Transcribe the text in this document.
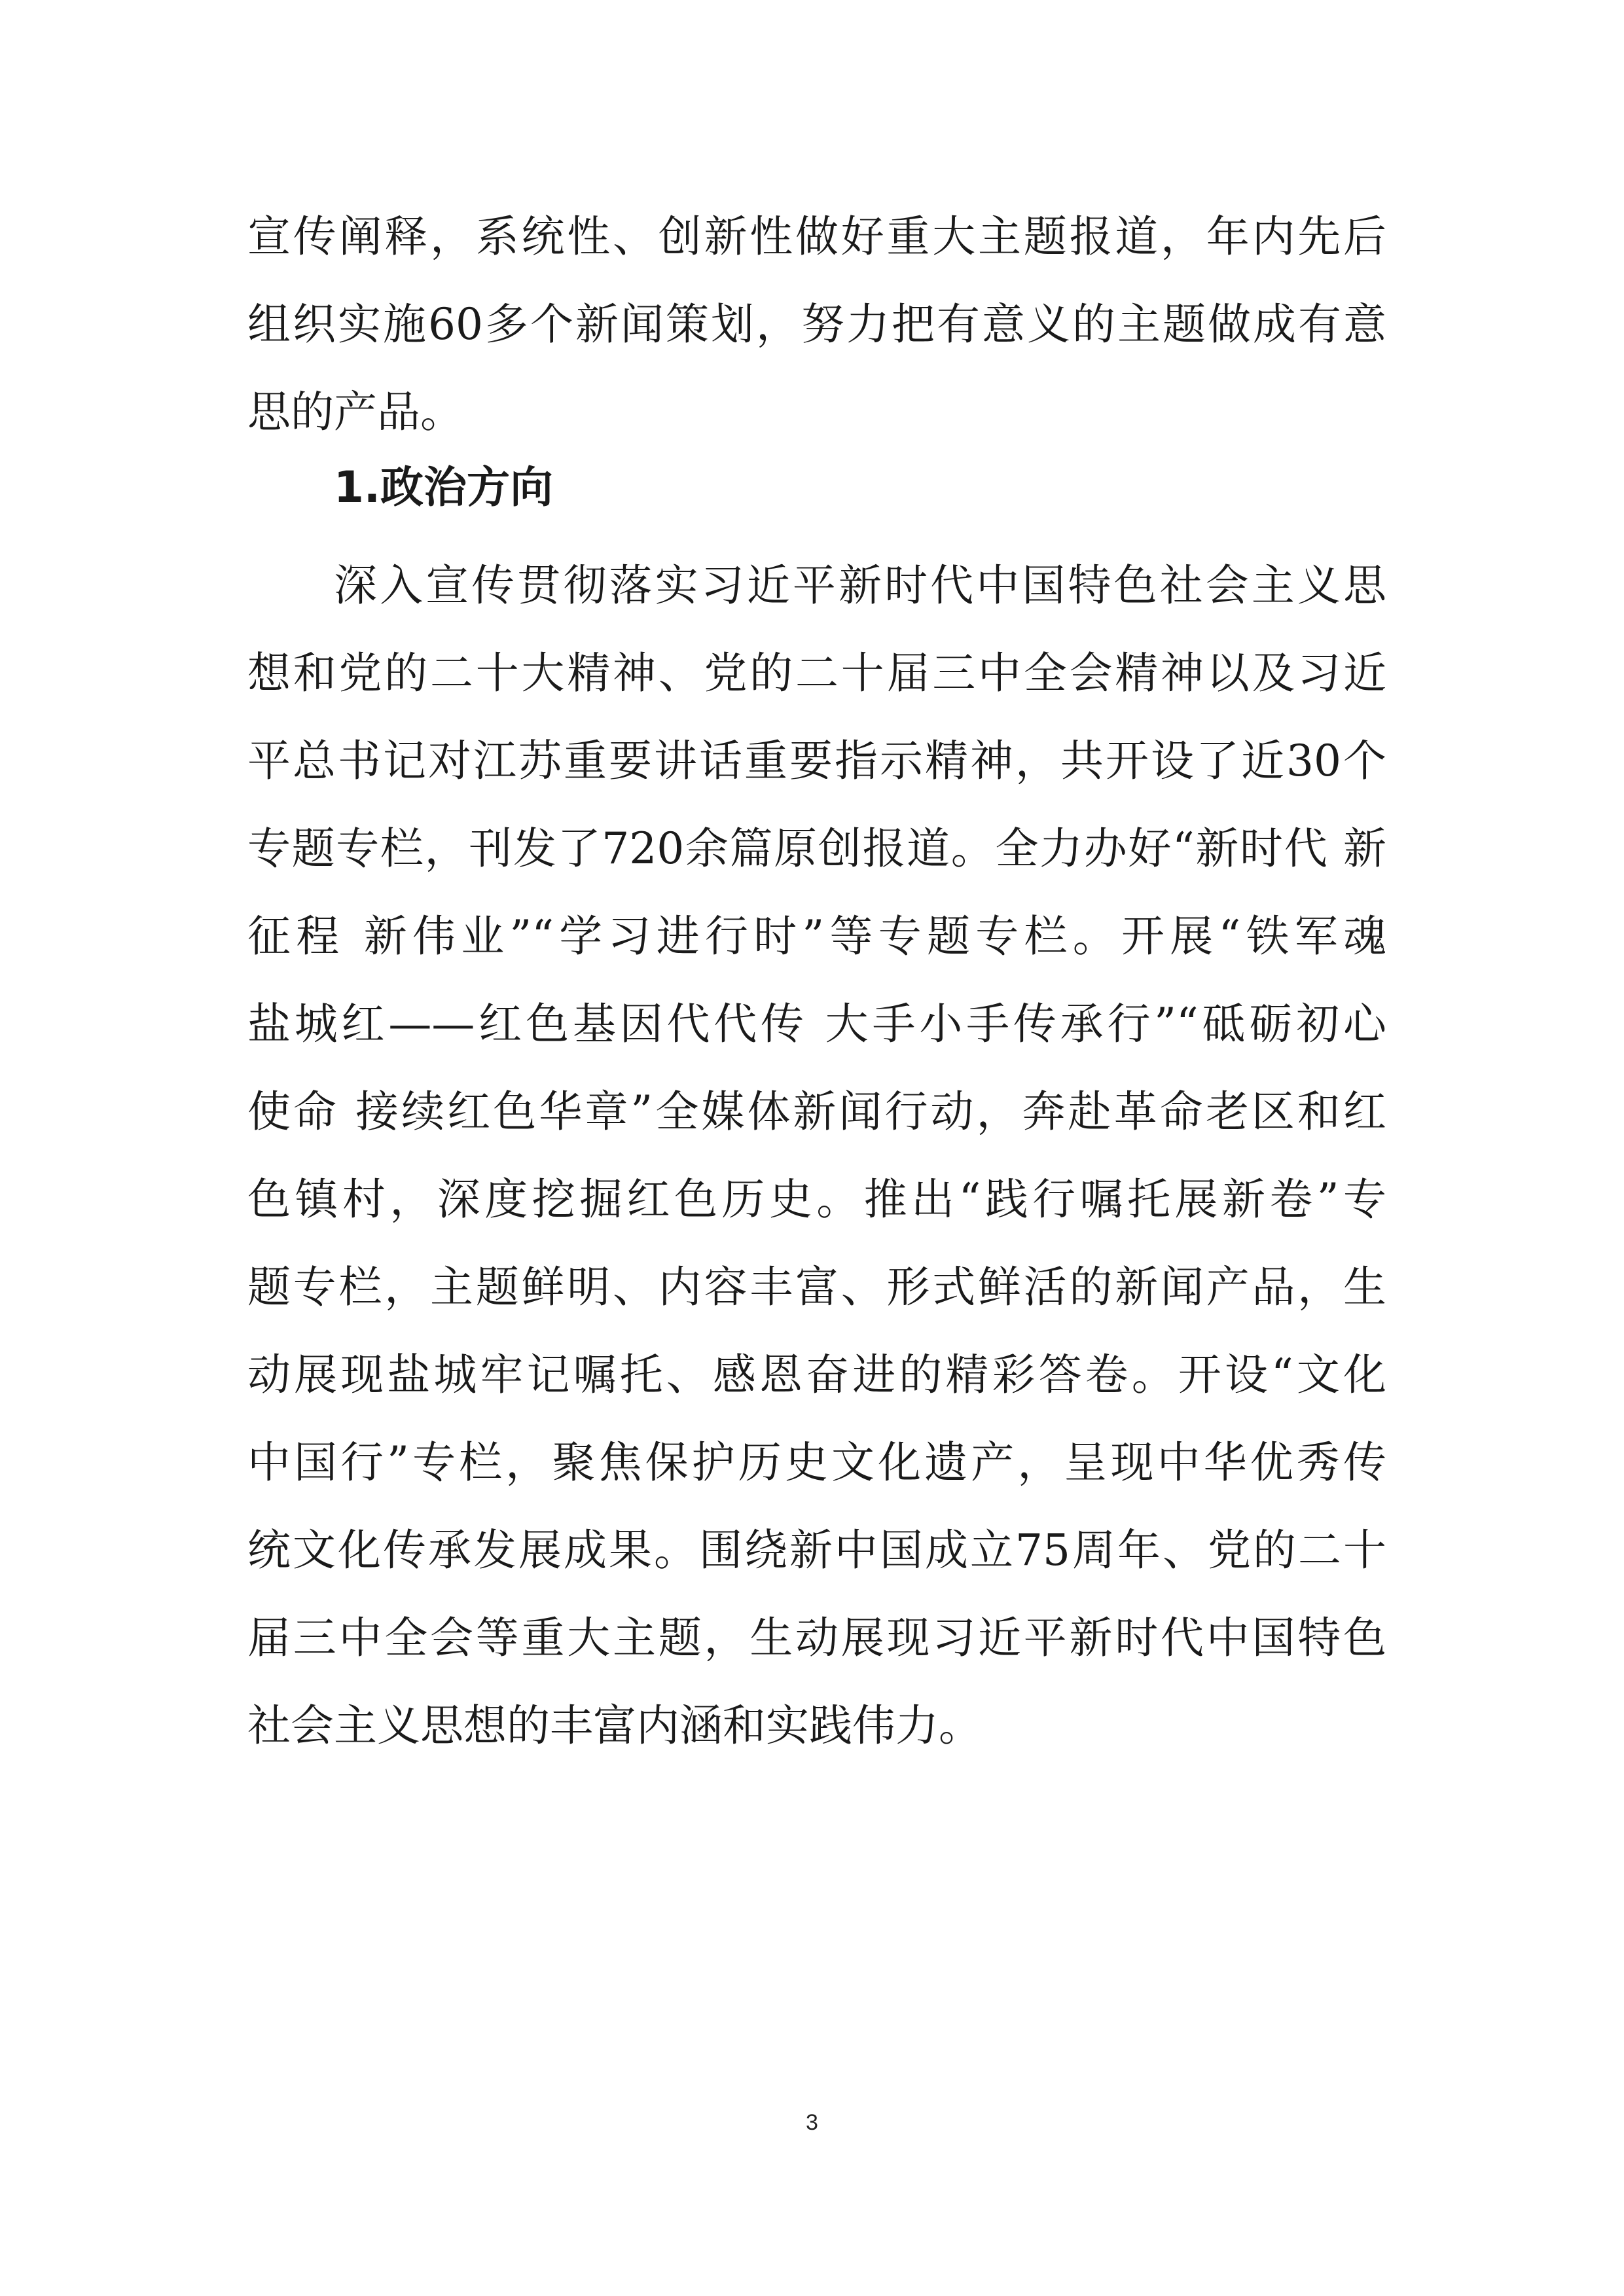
宣传阐释，系统性、创新性做好重大主题报道，年内先后
组织实施60多个新闻策划，努力把有意义的主题做成有意
思的产品。
1.政治方向
深入宣传贯彻落实习近平新时代中国特色社会主义思
想和党的二十大精神、党的二十届三中全会精神以及习近
平总书记对江苏重要讲话重要指示精神，共开设了近30个
专题专栏，刊发了720余篇原创报道。全力办好“新时代 新
征程 新伟业”“学习进行时”等专题专栏。开展“铁军魂
盐城红——红色基因代代传 大手小手传承行”“砥砺初心
使命 接续红色华章”全媒体新闻行动，奔赴革命老区和红
色镇村，深度挖掘红色历史。推出“践行嘱托展新卷”专
题专栏，主题鲜明、内容丰富、形式鲜活的新闻产品，生
动展现盐城牢记嘱托、感恩奋进的精彩答卷。开设“文化
中国行”专栏，聚焦保护历史文化遗产，呈现中华优秀传
统文化传承发展成果。围绕新中国成立75周年、党的二十
届三中全会等重大主题，生动展现习近平新时代中国特色
社会主义思想的丰富内涵和实践伟力。
3
